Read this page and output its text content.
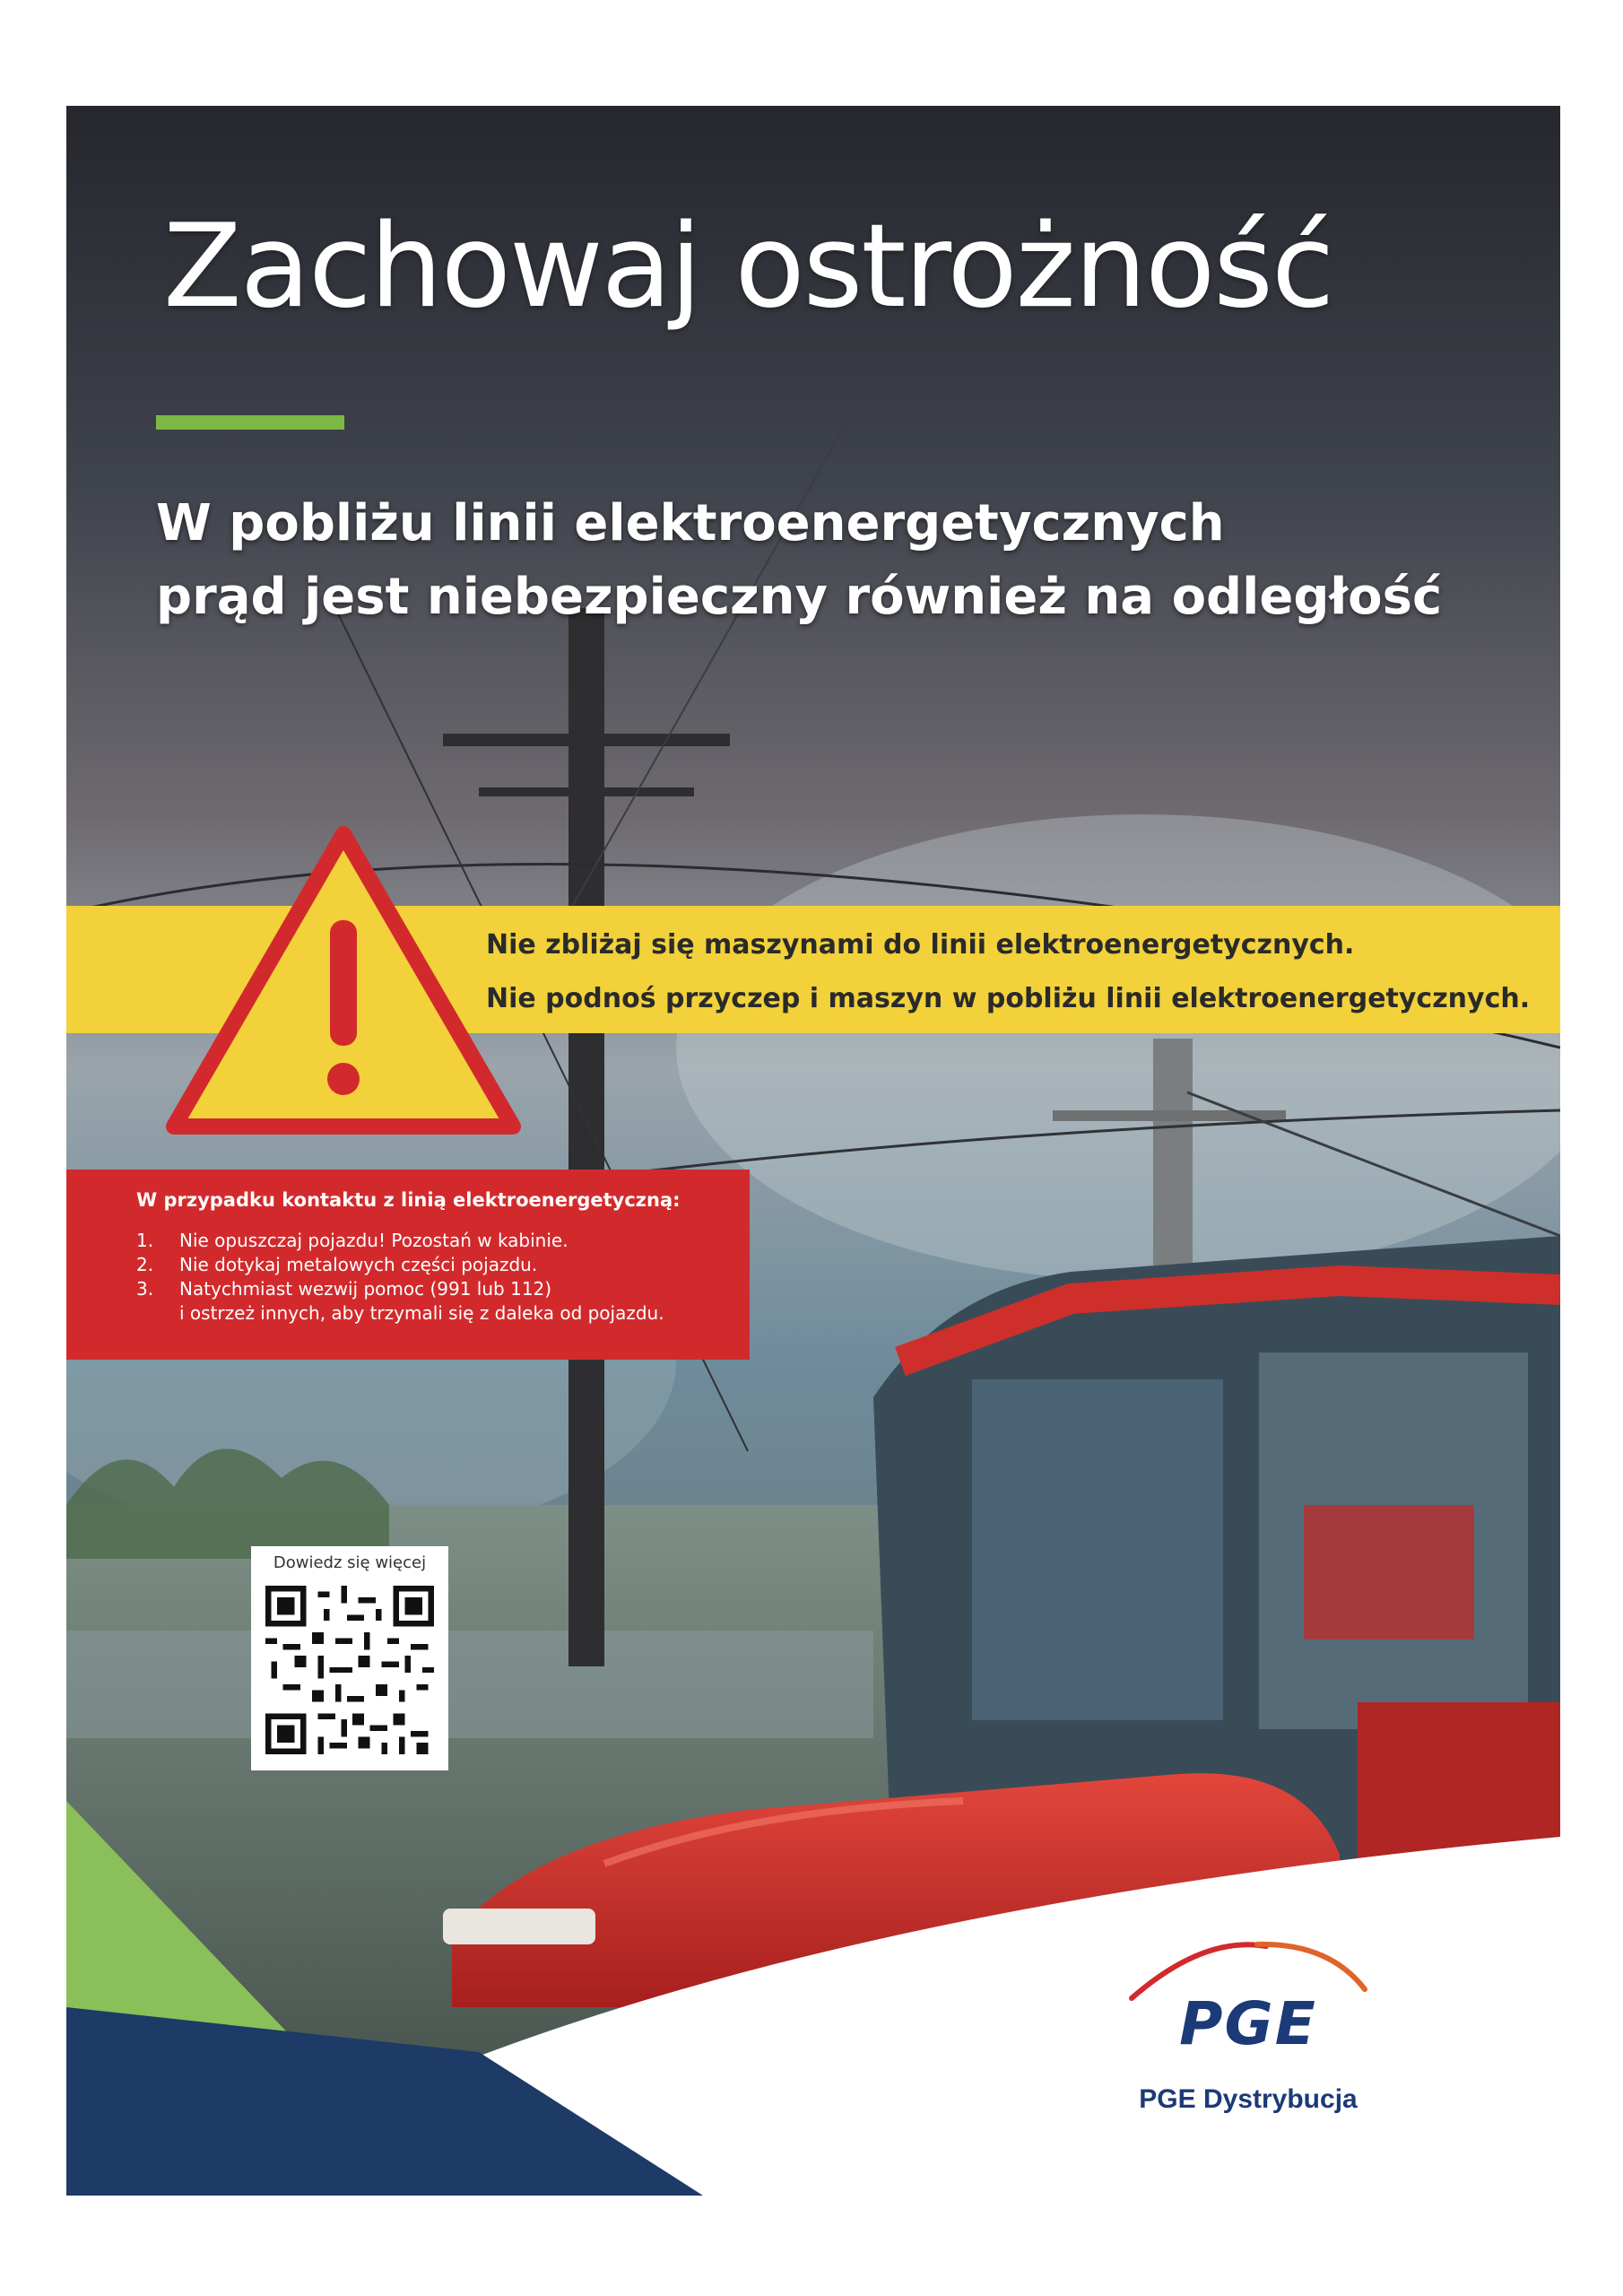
Zachowaj ostrożność

W pobliżu linii elektroenergetycznych
prąd jest niebezpieczny również na odległość

Nie zbliżaj się maszynami do linii elektroenergetycznych.

Nie podnoś przyczep i maszyn w pobliżu linii elektroenergetycznych.

W przypadku kontaktu z linią elektroenergetyczną:

1.	Nie opuszczaj pojazdu! Pozostań w kabinie.
2.	Nie dotykaj metalowych części pojazdu.
3.	Natychmiast wezwij pomoc (991 lub 112)
i ostrzeż innych, aby trzymali się z daleka od pojazdu.
Dowiedz się więcej
PGE
PGE Dystrybucja
